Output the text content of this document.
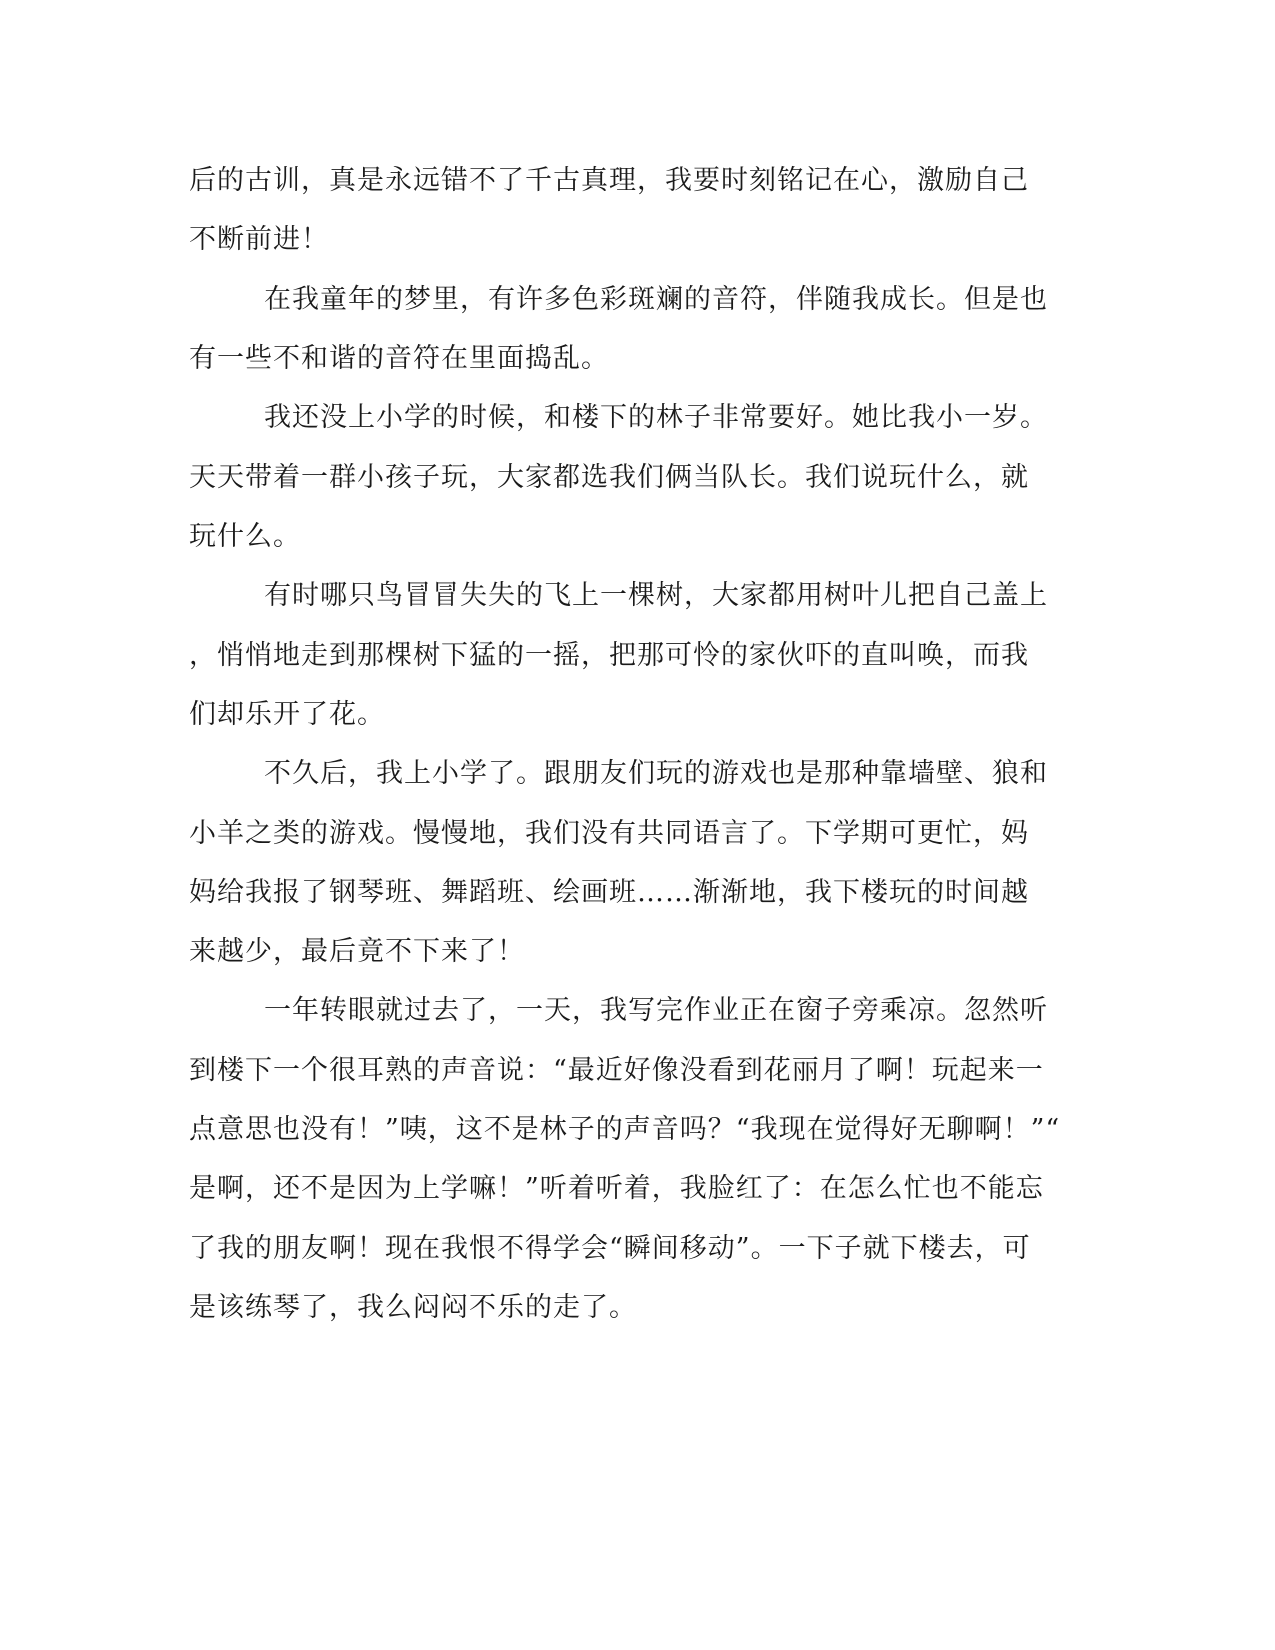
后的古训，真是永远错不了千古真理，我要时刻铭记在心，激励自己
不断前进！
在我童年的梦里，有许多色彩斑斓的音符，伴随我成长。但是也
有一些不和谐的音符在里面捣乱。
我还没上小学的时候，和楼下的林子非常要好。她比我小一岁。
天天带着一群小孩子玩，大家都选我们俩当队长。我们说玩什么，就
玩什么。
有时哪只鸟冒冒失失的飞上一棵树，大家都用树叶儿把自己盖上
，悄悄地走到那棵树下猛的一摇，把那可怜的家伙吓的直叫唤，而我
们却乐开了花。
不久后，我上小学了。跟朋友们玩的游戏也是那种靠墙壁、狼和
小羊之类的游戏。慢慢地，我们没有共同语言了。下学期可更忙，妈
妈给我报了钢琴班、舞蹈班、绘画班……渐渐地，我下楼玩的时间越
来越少，最后竟不下来了！
一年转眼就过去了，一天，我写完作业正在窗子旁乘凉。忽然听
到楼下一个很耳熟的声音说：“最近好像没看到花丽月了啊！玩起来一
点意思也没有！”咦，这不是林子的声音吗？“我现在觉得好无聊啊！”“
是啊，还不是因为上学嘛！”听着听着，我脸红了：在怎么忙也不能忘
了我的朋友啊！现在我恨不得学会“瞬间移动”。一下子就下楼去，可
是该练琴了，我么闷闷不乐的走了。
